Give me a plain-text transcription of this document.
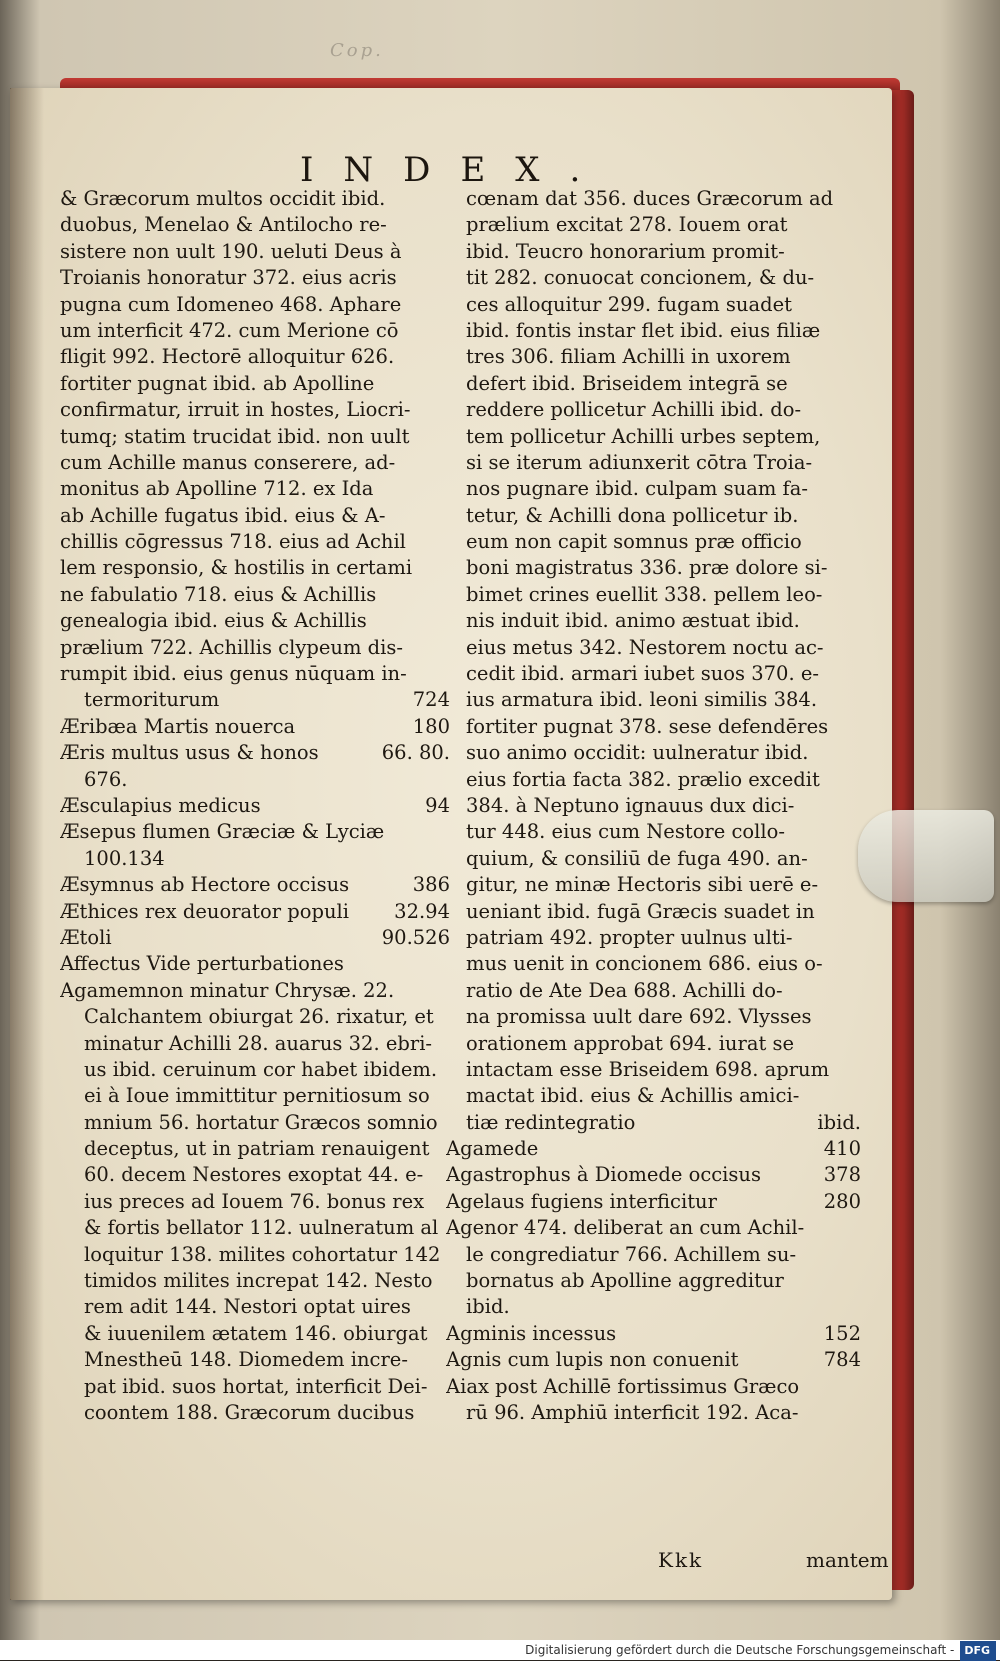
Cop.
INDEX.
& Græcorum multos occidit ibid.
duobus, Menelao & Antilocho re-
sistere non uult 190. ueluti Deus à
Troianis honoratur 372. eius acris
pugna cum Idomeneo 468. Aphare
um interficit 472. cum Merione cō
fligit 992. Hectorē alloquitur 626.
fortiter pugnat ibid. ab Apolline
confirmatur, irruit in hostes, Liocri-
tumq; statim trucidat ibid. non uult
cum Achille manus conserere, ad-
monitus ab Apolline 712. ex Ida
ab Achille fugatus ibid. eius & A-
chillis cōgressus 718. eius ad Achil
lem responsio, & hostilis in certami
ne fabulatio 718. eius & Achillis
genealogia ibid. eius & Achillis
prælium 722. Achillis clypeum dis-
rumpit ibid. eius genus nūquam in-
termoriturum	724
Æribæa Martis nouerca	180
Æris multus usus & honos	66. 80.
676.
Æsculapius medicus	94
Æsepus flumen Græciæ & Lyciæ
100.134
Æsymnus ab Hectore occisus	386
Æthices rex deuorator populi 32.94
Ætoli	90.526
Affectus Vide perturbationes
Agamemnon minatur Chrysæ. 22.
Calchantem obiurgat 26. rixatur, et
minatur Achilli 28. auarus 32. ebri-
us ibid. ceruinum cor habet ibidem.
ei à Ioue immittitur pernitiosum so
mnium 56. hortatur Græcos somnio
deceptus, ut in patriam renauigent
60. decem Nestores exoptat 44. e-
ius preces ad Iouem 76. bonus rex
& fortis bellator 112. uulneratum al
loquitur 138. milites cohortatur 142
timidos milites increpat 142. Nesto
rem adit 144. Nestori optat uires
& iuuenilem ætatem 146. obiurgat
Mnestheū 148. Diomedem incre-
pat ibid. suos hortat, interficit Dei-
coontem 188. Græcorum ducibus
cœnam dat 356. duces Græcorum ad
prælium excitat 278. Iouem orat
ibid. Teucro honorarium promit-
tit 282. conuocat concionem, & du-
ces alloquitur 299. fugam suadet
ibid. fontis instar flet ibid. eius filiæ
tres 306. filiam Achilli in uxorem
defert ibid. Briseidem integrā se
reddere pollicetur Achilli ibid. do-
tem pollicetur Achilli urbes septem,
si se iterum adiunxerit cōtra Troia-
nos pugnare ibid. culpam suam fa-
tetur, & Achilli dona pollicetur ib.
eum non capit somnus præ officio
boni magistratus 336. præ dolore si-
bimet crines euellit 338. pellem leo-
nis induit ibid. animo æstuat ibid.
eius metus 342. Nestorem noctu ac-
cedit ibid. armari iubet suos 370. e-
ius armatura ibid. leoni similis 384.
fortiter pugnat 378. sese defendēres
suo animo occidit: uulneratur ibid.
eius fortia facta 382. prælio excedit
384. à Neptuno ignauus dux dici-
tur 448. eius cum Nestore collo-
quium, & consiliū de fuga 490. an-
gitur, ne minæ Hectoris sibi uerē e-
ueniant ibid. fugā Græcis suadet in
patriam 492. propter uulnus ulti-
mus uenit in concionem 686. eius o-
ratio de Ate Dea 688. Achilli do-
na promissa uult dare 692. Vlysses
orationem approbat 694. iurat se
intactam esse Briseidem 698. aprum
mactat ibid. eius & Achillis amici-
tiæ redintegratio	ibid.
Agamede	410
Agastrophus à Diomede occisus	378
Agelaus fugiens interficitur	280
Agenor 474. deliberat an cum Achil-
le congrediatur 766. Achillem su-
bornatus ab Apolline aggreditur
ibid.
Agminis incessus	152
Agnis cum lupis non conuenit	784
Aiax post Achillē fortissimus Græco
rū 96. Amphiū interficit 192. Aca-
Kkk	mantem
Digitalisierung gefördert durch die Deutsche Forschungsgemeinschaft - DFG
